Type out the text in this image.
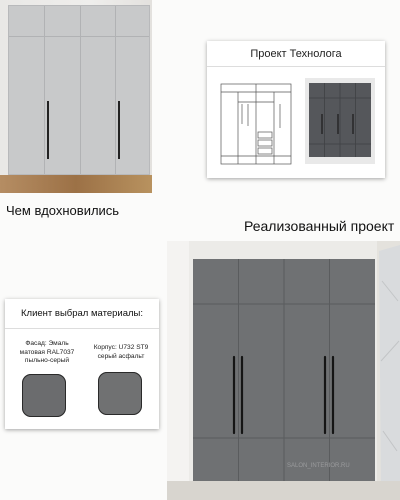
Чем вдохновились
Проект Технолога
Реализованный проект
Клиент выбрал материалы:
Фасад: Эмаль
матовая RAL7037
пыльно-серый
Корпус: U732 ST9
серый асфальт
SALON_INTERIOR.RU
